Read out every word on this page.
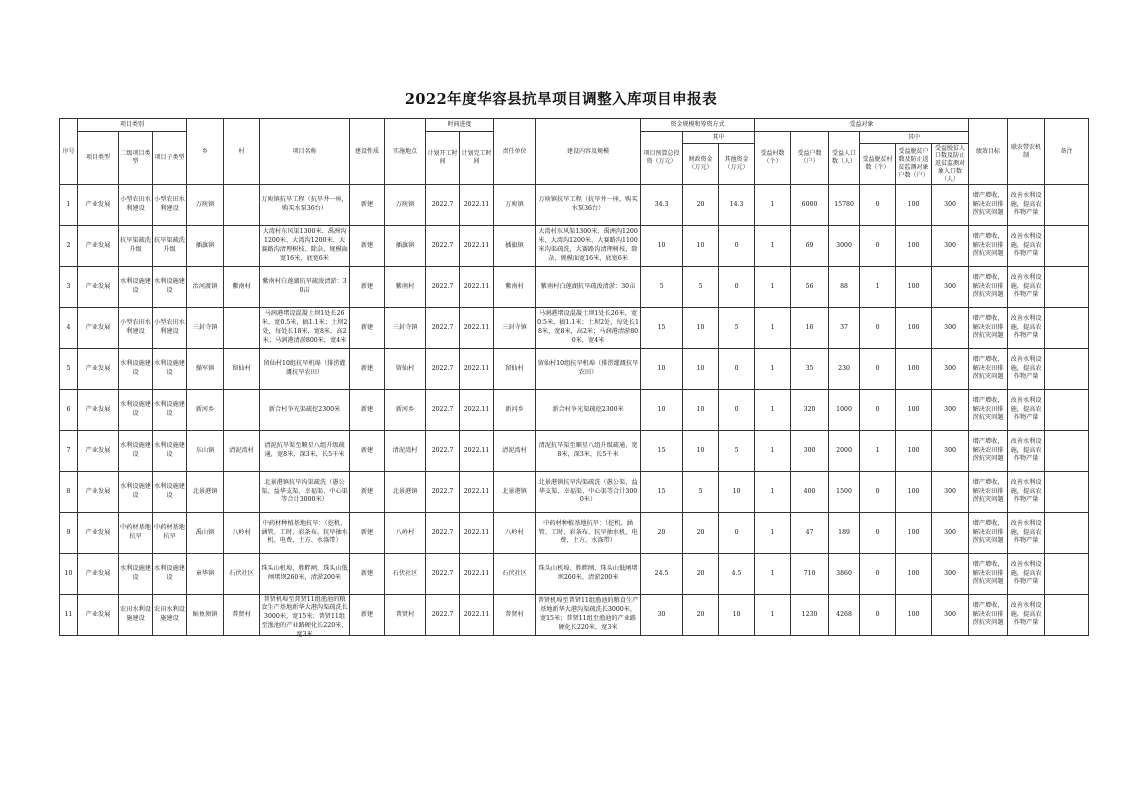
2022年度华容县抗旱项目调整入库项目申报表
序号	项目类别			乡	村	项目名称	建设性质	实施地点	时间进度		责任单位	建设内容及规模	资金规模和筹资方式			受益对象						绩效目标	联农带农机制	备注
	项目类型	二级项目类型	项目子类型						计划开工时间	计划完工时间			项目预算总投资（万元）	其中		受益村数（个）	受益户数（户）	受益人口数（人）	其中					
														财政资金（万元）	其他资金（万元）				受益脱贫村数（个）	受益脱贫户数及防止返贫监测对象户数（户）	受益脱贫人口数及防止返贫监测对象人口数（人）			

1	产业发展	小型农田水利建设	小型农田水利建设	万庾镇		万庾镇抗旱工程（抗旱井一座，购买水泵36台）	新建	万庾镇	2022.7	2022.11	万庾镇	万庾镇抗旱工程（抗旱井一座，购买水泵36台）	34.3	20	14.3	1	6000	15780	0	100	300	增产增收，解决农田排涝抗灾问题	改善水利设施，提高农作物产量	

2	产业发展	抗旱渠疏洗升级	抗旱渠疏洗升级	插旗镇		大湾村东风渠1300米、禹洲沟1200米、大湾沟1200米、大赛路沟清理树枝、除杂，规模面宽16米，底宽6米	新建	插旗镇	2022.7	2022.11	插旗镇	大湾村东风渠1300米、禹洲沟1200米、大湾沟1200米、大赛路沟1100米沟渠疏洗，大赛路沟清理树枝，除杂，规模面宽16米，底宽6米	10	10	0	1	69	3000	0	100	300	增产增收，解决农田排涝抗灾问题	改善水利设施，提高农作物产量	

3	产业发展	水利设施建设	水利设施建设	治河渡镇	紫南村	紫南村白莲湖抗旱疏浚清淤：30亩	新建	紫南村	2022.7	2022.11	紫南村	紫南村白莲湖抗旱疏浚清淤：30亩	5	5	0	1	56	88	1	100	300	增产增收，解决农田排涝抗灾问题	改善水利设施，提高农作物产量	

4	产业发展	小型农田水利建设	小型农田水利建设	三封寺镇		马润港堵设混凝土坝1处长26米，宽0.5米，搞1.1米；土坝2处，每处长18米，宽8米，高2米；马润港清淤800米，宽4米	新建	三封寺镇	2022.7	2022.11	三封寺镇	马润港堵设混凝土坝1处长26米，宽0.5米，搞1.1米；土坝2处，每处长18米，宽8米，高2米；马润港清淤800米，宽4米	15	10	5	1	16	37	0	100	300	增产增收，解决农田排涝抗灾问题	改善水利设施，提高农作物产量	

5	产业发展	水利设施建设	水利设施建设	操军镇	留仙村	留仙村10组抗旱机埠（排涝灌溉抗旱农田）	新建	留仙村	2022.7	2022.11	留仙村	留仙村10组抗旱机埠（排涝灌溉抗旱农田）	10	10	0	1	35	230	0	100	300	增产增收，解决农田排涝抗灾问题	改善水利设施，提高农作物产量	

6	产业发展	水利设施建设	水利设施建设	新河乡		新合村争光渠疏挖2300米	新建	新河乡	2022.7	2022.11	新河乡	新合村争光渠疏挖2300米	10	10	0	1	320	1000	0	100	300	增产增收，解决农田排涝抗灾问题	改善水利设施，提高农作物产量	

7	产业发展	水利设施建设	水利设施建设	东山镇	清泥湾村	清泥抗旱渠至顺星八组升级疏通，宽8米，深3米，长5千米	新建	清泥湾村	2022.7	2022.11	清泥湾村	清泥抗旱渠至顺星八组升级疏通，宽8米，深3米，长5千米	15	10	5	1	300	2000	1	100	300	增产增收，解决农田排涝抗灾问题	改善水利设施，提高农作物产量	

8	产业发展	水利设施建设	水利设施建设	北景港镇		北景港镇抗旱沟渠疏洗（愚公渠、益华支渠、幸福渠、中心渠等合计3000米）	新建	北景港镇	2022.7	2022.11	北景港镇	北景港镇抗旱沟渠疏洗（愚公渠、益华支渠、幸福渠、中心渠等合计3000米）	15	5	10	1	400	1500	0	100	300	增产增收，解决农田排涝抗灾问题	改善水利设施，提高农作物产量	

9	产业发展	中药材基地抗旱	中药材基地抗旱	禹山镇	八岭村	中药材种植基地抗旱：（挖机、涵管、工时、彩条布、抗旱抽水机、电费、土方、水涤带）	新建	八岭村	2022.7	2022.11	八岭村	中药材种植基地抗旱：（挖机、涵管、工时、彩条布、抗旱抽水机、电费、土方、水涤带）	20	20	0	1	47	189	0	100	300	增产增收，解决农田排涝抗灾问题	改善水利设施，提高农作物产量	

10	产业发展	水利设施建设	水利设施建设	章华镇	石伏社区	珠头山机埠、胜畔闸、珠头山低闸堵坝260米，清淤200米	新建	石伏社区	2022.7	2022.11	石伏社区	珠头山机埠、胜畔闸、珠头山低闸堵坝260米，清淤200米	24.5	20	4.5	1	710	3860	0	100	300	增产增收，解决农田排涝抗灾问题	改善水利设施，提高农作物产量	

11	产业发展	农田水利设施建设	农田水利设施建设	鲇鱼须镇	普贤村	普贤机埠至普贤11组渔池的粮食生产基地新华大港沟渠疏洗长3000米，宽15米；普贤11组至渔池的产业路硬化长220米，宽3米	新建	普贤村	2022.7	2022.11	普贤村	普贤机埠至普贤11组渔池的粮食生产基地新华大港沟渠疏洗长3000米，宽15米；普贤11组至渔池的产业路硬化长220米，宽3米	30	20	10	1	1230	4268	0	100	300	增产增收，解决农田排涝抗灾问题	改善水利设施，提高农作物产量	
